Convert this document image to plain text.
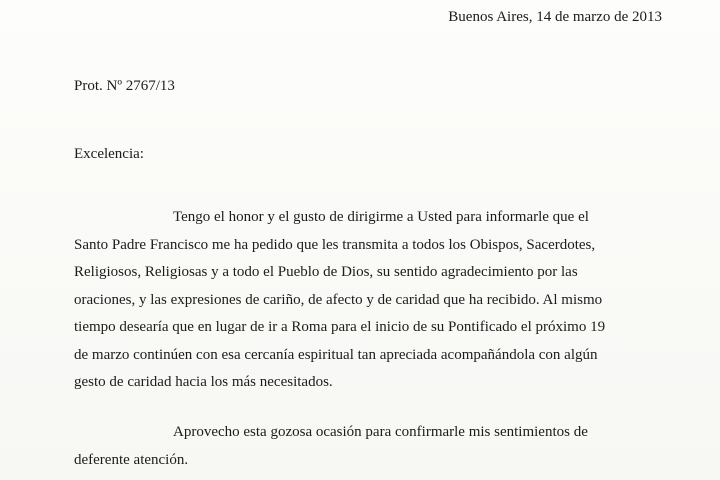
Buenos Aires, 14 de marzo de 2013
Prot. Nº 2767/13
Excelencia:
Tengo el honor y el gusto de dirigirme a Usted para informarle que el
Santo Padre Francisco me ha pedido que les transmita a todos los Obispos, Sacerdotes,
Religiosos, Religiosas y a todo el Pueblo de Dios, su sentido agradecimiento por las
oraciones, y las expresiones de cariño, de afecto y de caridad que ha recibido. Al mismo
tiempo desearía que en lugar de ir a Roma para el inicio de su Pontificado el próximo 19
de marzo continúen con esa cercanía espiritual tan apreciada acompañándola con algún
gesto de caridad hacia los más necesitados.
Aprovecho esta gozosa ocasión para confirmarle mis sentimientos de
deferente atención.
